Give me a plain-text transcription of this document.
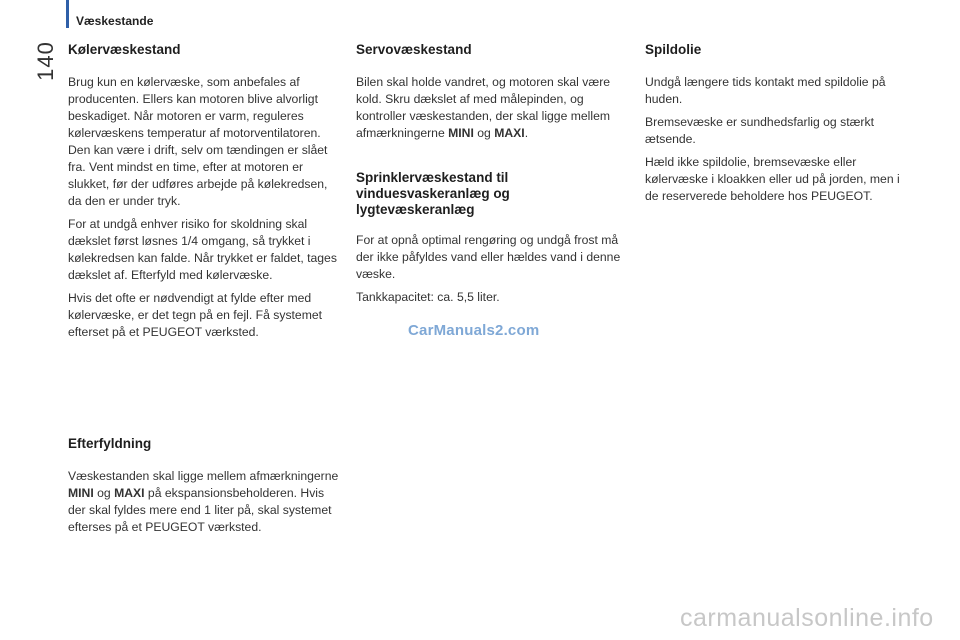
Væskestande
140 Kølervæskestand

Brug kun en kølervæske, som anbefales af producenten. Ellers kan motoren blive alvorligt beskadiget. Når motoren er varm, reguleres kølervæskens temperatur af motorventilatoren. Den kan være i drift, selv om tændingen er slået fra. Vent mindst en time, efter at motoren er slukket, før der udføres arbejde på kølekredsen, da den er under tryk.

For at undgå enhver risiko for skoldning skal dækslet først løsnes 1/4 omgang, så trykket i kølekredsen kan falde. Når trykket er faldet, tages dækslet af. Efterfyld med kølervæske.

Hvis det ofte er nødvendigt at fylde efter med kølervæske, er det tegn på en fejl. Få systemet efterset på et PEUGEOT værksted.

Efterfyldning

Væskestanden skal ligge mellem afmærkningerne MINI og MAXI på ekspansionsbeholderen. Hvis der skal fyldes mere end 1 liter på, skal systemet efterses på et PEUGEOT værksted.

Servovæskestand

Bilen skal holde vandret, og motoren skal være kold. Skru dækslet af med målepinden, og kontroller væskestanden, der skal ligge mellem afmærkningerne MINI og MAXI.

Sprinklervæskestand til vinduesvaskeranlæg og lygtevæskeranlæg

For at opnå optimal rengøring og undgå frost må der ikke påfyldes vand eller hældes vand i denne væske.

Tankkapacitet: ca. 5,5 liter.

Spildolie

Undgå længere tids kontakt med spildolie på huden.

Bremsevæske er sundhedsfarlig og stærkt ætsende.

Hæld ikke spildolie, bremsevæske eller kølervæske i kloakken eller ud på jorden, men i de reserverede beholdere hos PEUGEOT.

CarManuals2.com
carmanualsonline.info
